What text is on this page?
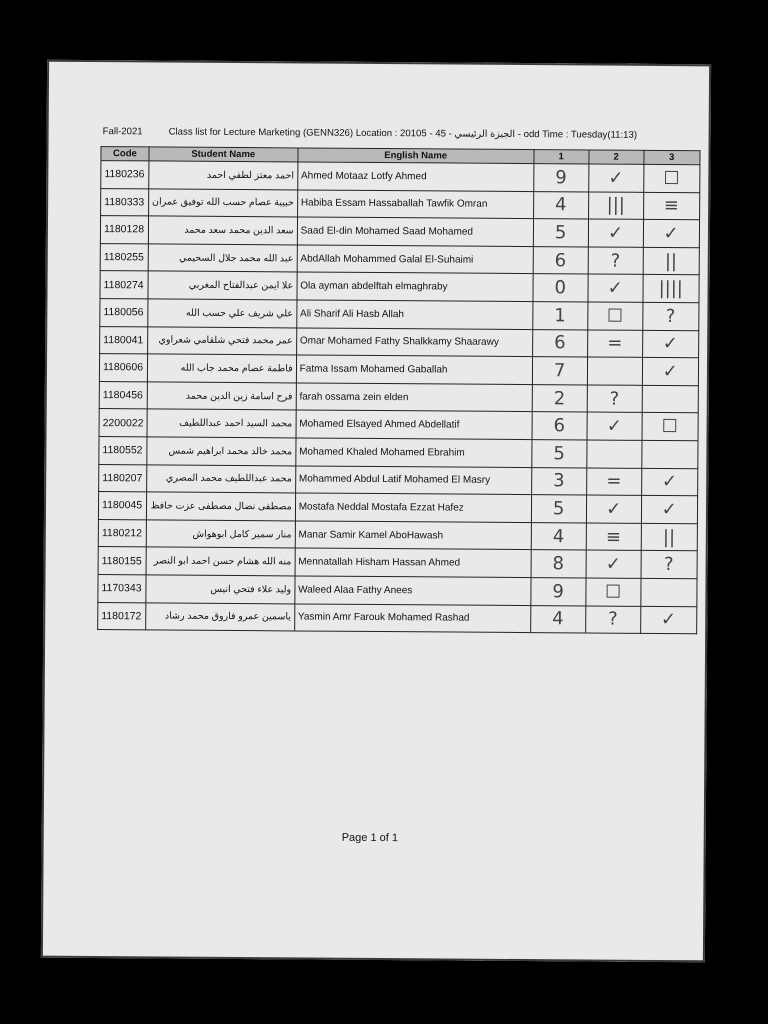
Fall-2021	Class list for Lecture Marketing (GENN326) Location : 20105 - 45 - الجيزة الرئيسي - odd Time : Tuesday(11:13)
Code	Student Name	English Name	1	2	3
1180236	احمد معتز لطفي احمد	Ahmed Motaaz Lotfy Ahmed	9	✓	☐
1180333	حبيبة عصام حسب الله توفيق عمران	Habiba Essam Hassaballah Tawfik Omran	4	|||	≡
1180128	سعد الدين محمد سعد محمد	Saad El-din Mohamed Saad Mohamed	5	✓	✓
1180255	عبد الله محمد جلال السحيمي	AbdAllah Mohammed Galal El-Suhaimi	6	?	||
1180274	علا ايمن عبدالفتاح المغربي	Ola ayman abdelftah elmaghraby	0	✓	||||
1180056	علي شريف علي حسب الله	Ali Sharif Ali Hasb Allah	1	☐	?
1180041	عمر محمد فتحي شلقامي شعراوي	Omar Mohamed Fathy Shalkkamy Shaarawy	6	=	✓
1180606	فاطمة عصام محمد جاب الله	Fatma Issam Mohamed Gaballah	7		✓
1180456	فرح اسامة زين الدين محمد	farah ossama zein elden	2	?	
2200022	محمد السيد احمد عبداللطيف	Mohamed Elsayed Ahmed Abdellatif	6	✓	☐
1180552	محمد خالد محمد ابراهيم شمس	Mohamed Khaled Mohamed Ebrahim	5		
1180207	محمد عبداللطيف محمد المصري	Mohammed Abdul Latif Mohamed El Masry	3	=	✓
1180045	مصطفى نضال مصطفى عزت حافظ	Mostafa Neddal Mostafa Ezzat Hafez	5	✓	✓
1180212	منار سمير كامل ابوهواش	Manar Samir Kamel AboHawash	4	≡	||
1180155	منه الله هشام حسن احمد ابو النصر	Mennatallah Hisham Hassan Ahmed	8	✓	?
1170343	وليد علاء فتحي انيس	Waleed Alaa Fathy Anees	9	☐	
1180172	ياسمين عمرو فاروق محمد رشاد	Yasmin Amr Farouk Mohamed Rashad	4	?	✓
Page 1 of 1
